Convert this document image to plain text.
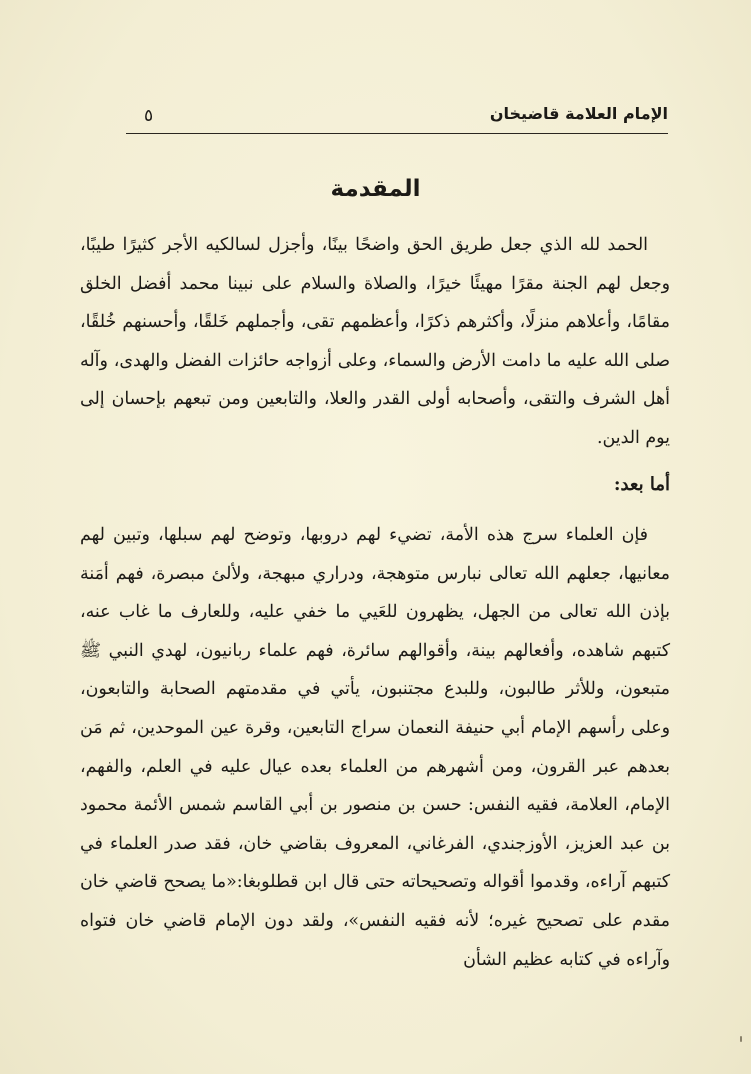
الإمام العلامة قاضيخان
٥
المقدمة
الحمد لله الذي جعل طريق الحق واضحًا بينًا، وأجزل لسالكيه الأجر كثيرًا طيبًا، وجعل لهم الجنة مقرًا مهيئًا خيرًا، والصلاة والسلام على نبينا محمد أفضل الخلق مقامًا، وأعلاهم منزلًا، وأكثرهم ذكرًا، وأعظمهم تقى، وأجملهم خَلقًا، وأحسنهم خُلقًا، صلى الله عليه ما دامت الأرض والسماء، وعلى أزواجه حائزات الفضل والهدى، وآله أهل الشرف والتقى، وأصحابه أولى القدر والعلا، والتابعين ومن تبعهم بإحسان إلى يوم الدين.
أما بعد:
فإن العلماء سرج هذه الأمة، تضيء لهم دروبها، وتوضح لهم سبلها، وتبين لهم معانيها، جعلهم الله تعالى نبارس متوهجة، ودراري مبهجة، ولألئ مبصرة، فهم أمَنة بإذن الله تعالى من الجهل، يظهرون للعَيي ما خفي عليه، وللعارف ما غاب عنه، كتبهم شاهده، وأفعالهم بينة، وأقوالهم سائرة، فهم علماء ربانيون، لهدي النبي ﷺ متبعون، وللأثر طالبون، وللبدع مجتنبون، يأتي في مقدمتهم الصحابة والتابعون، وعلى رأسهم الإمام أبي حنيفة النعمان سراج التابعين، وقرة عين الموحدين، ثم مَن بعدهم عبر القرون، ومن أشهرهم من العلماء بعده عيال عليه في العلم، والفهم، الإمام، العلامة، فقيه النفس: حسن بن منصور بن أبي القاسم شمس الأئمة محمود بن عبد العزيز، الأوزجندي، الفرغاني، المعروف بقاضي خان، فقد صدر العلماء في كتبهم آراءه، وقدموا أقواله وتصحيحاته حتى قال ابن قطلوبغا:«ما يصحح قاضي خان مقدم على تصحيح غيره؛ لأنه فقيه النفس»، ولقد دون الإمام قاضي خان فتواه وآراءه في كتابه عظيم الشأن
